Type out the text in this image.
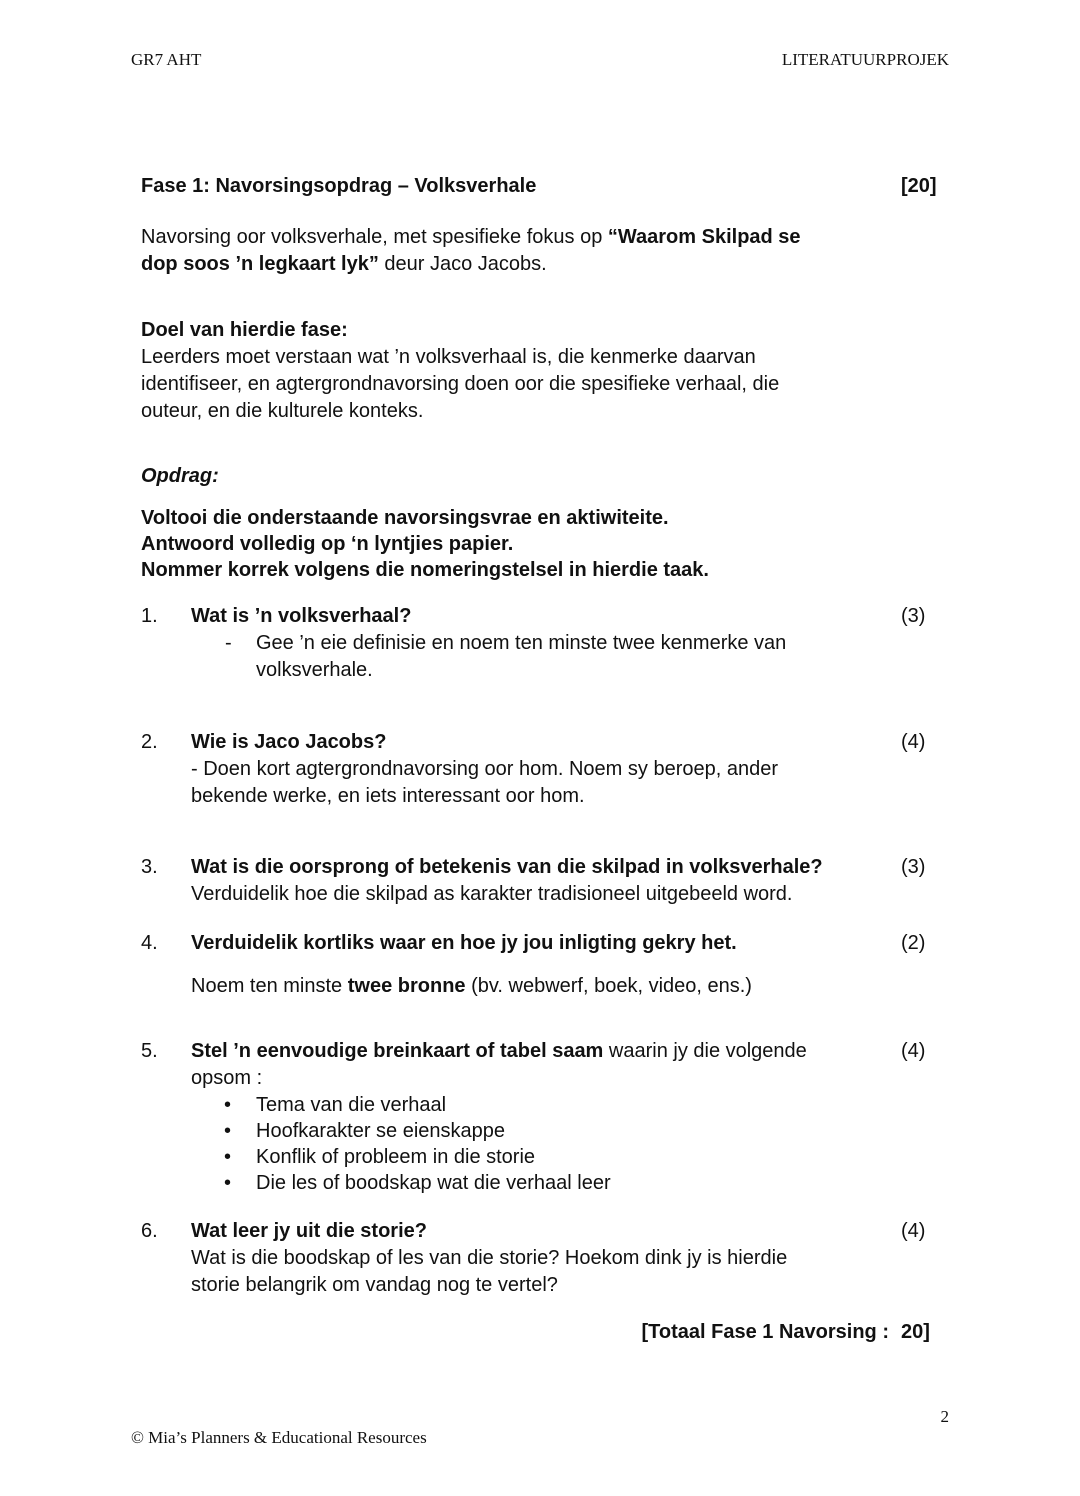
GR7 AHT	LITERATUURPROJEK
Fase 1: Navorsingsopdrag – Volksverhale	[20]
Navorsing oor volksverhale, met spesifieke fokus op “Waarom Skilpad se
dop soos ’n legkaart lyk” deur Jaco Jacobs.
Doel van hierdie fase:
Leerders moet verstaan wat ’n volksverhaal is, die kenmerke daarvan
identifiseer, en agtergrondnavorsing doen oor die spesifieke verhaal, die
outeur, en die kulturele konteks.
Opdrag:
Voltooi die onderstaande navorsingsvrae en aktiwiteite.
Antwoord volledig op ‘n lyntjies papier.
Nommer korrek volgens die nomeringstelsel in hierdie taak.
1.	Wat is ’n volksverhaal?
- Gee ’n eie definisie en noem ten minste twee kenmerke van
volksverhale.
(3)
2.	Wie is Jaco Jacobs?
- Doen kort agtergrondnavorsing oor hom. Noem sy beroep, ander
bekende werke, en iets interessant oor hom.
(4)
3.	Wat is die oorsprong of betekenis van die skilpad in volksverhale?
Verduidelik hoe die skilpad as karakter tradisioneel uitgebeeld word.
(3)
4.	Verduidelik kortliks waar en hoe jy jou inligting gekry het.
Noem ten minste twee bronne (bv. webwerf, boek, video, ens.)
(2)
5.	Stel ’n eenvoudige breinkaart of tabel saam waarin jy die volgende
opsom :
• Tema van die verhaal
• Hoofkarakter se eienskappe
• Konflik of probleem in die storie
• Die les of boodskap wat die verhaal leer
(4)
6.	Wat leer jy uit die storie?
Wat is die boodskap of les van die storie? Hoekom dink jy is hierdie
storie belangrik om vandag nog te vertel?
(4)
[Totaal Fase 1 Navorsing : 20]
2
© Mia’s Planners & Educational Resources
